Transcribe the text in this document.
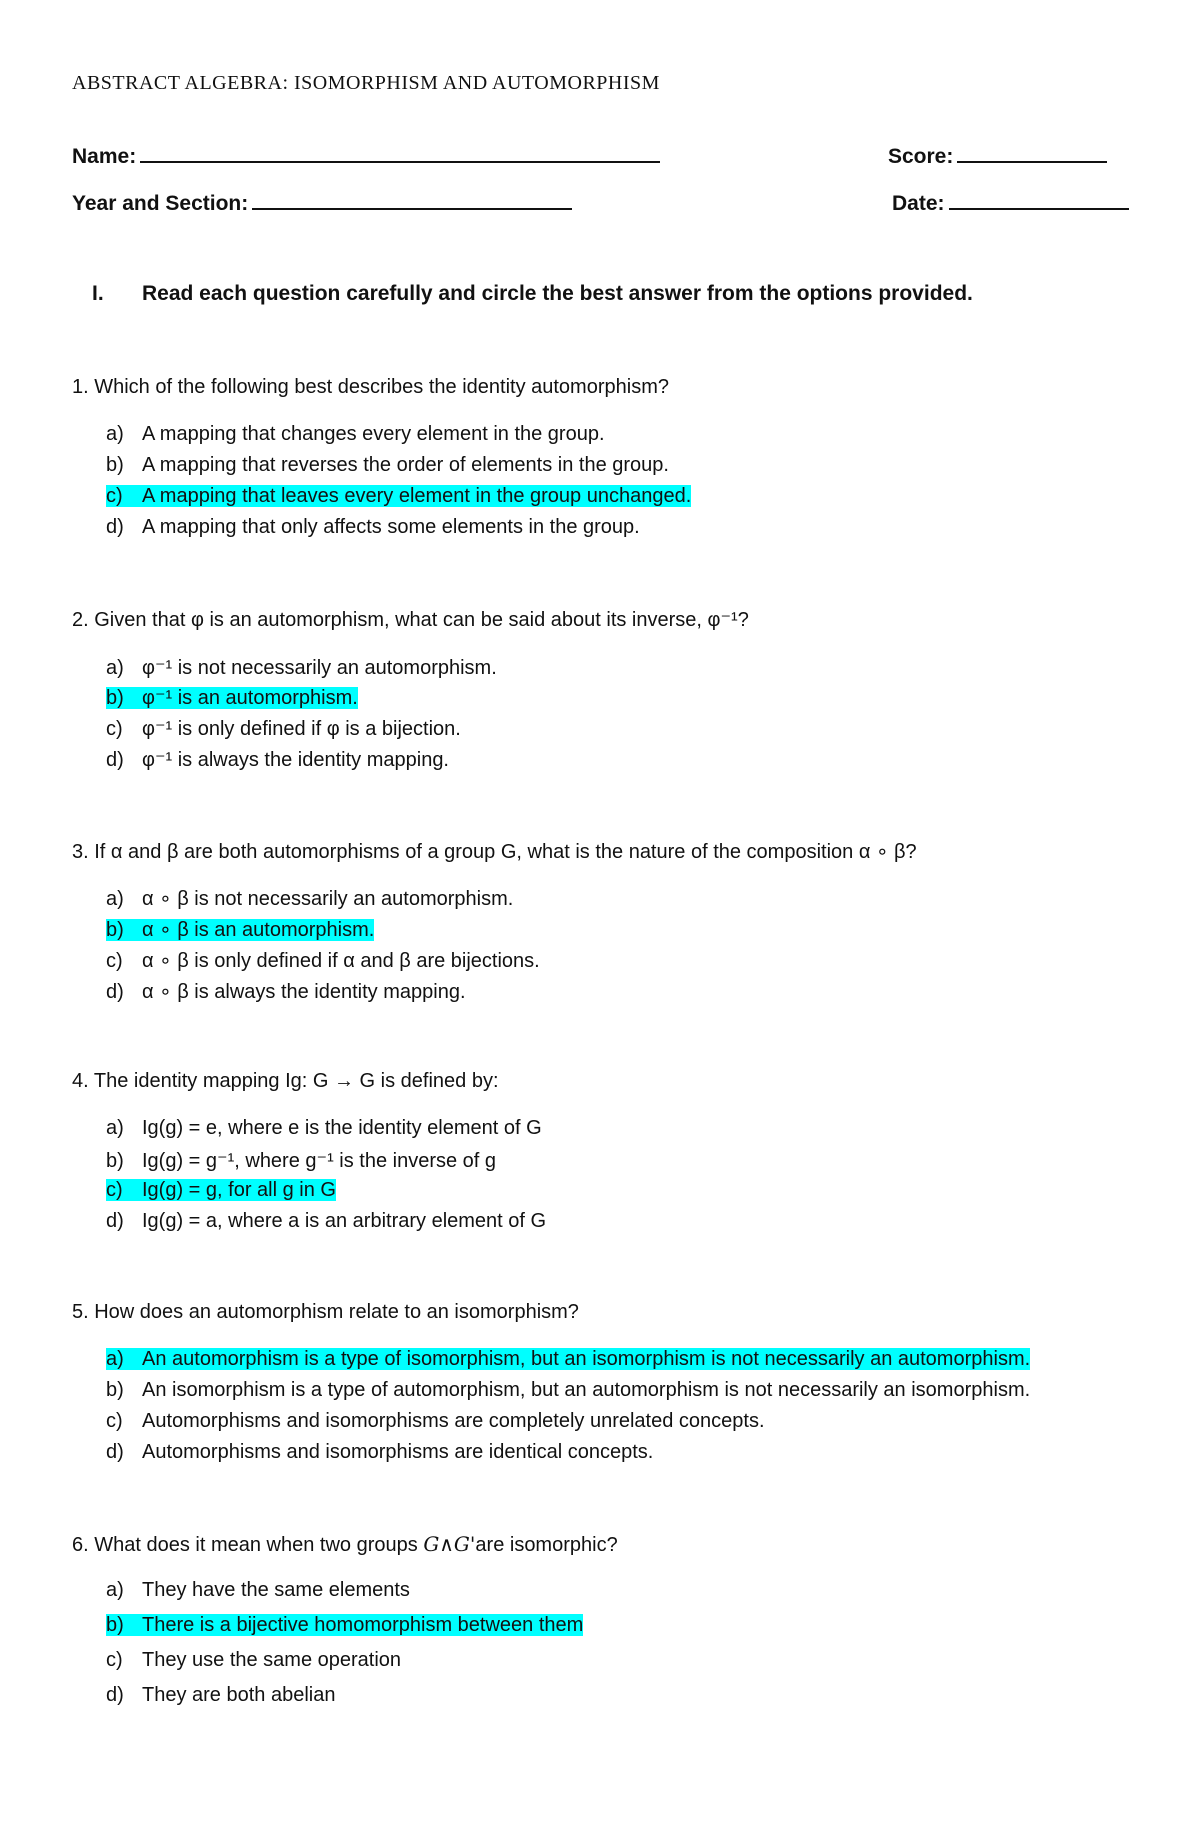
ABSTRACT ALGEBRA: ISOMORPHISM AND AUTOMORPHISM
Name:	Score:
Year and Section:	Date:
I. Read each question carefully and circle the best answer from the options provided.
1. Which of the following best describes the identity automorphism?
a) A mapping that changes every element in the group.
b) A mapping that reverses the order of elements in the group.
c) A mapping that leaves every element in the group unchanged.
d) A mapping that only affects some elements in the group.
2. Given that φ is an automorphism, what can be said about its inverse, φ⁻¹?
a) φ⁻¹ is not necessarily an automorphism.
b) φ⁻¹ is an automorphism.
c) φ⁻¹ is only defined if φ is a bijection.
d) φ⁻¹ is always the identity mapping.
3. If α and β are both automorphisms of a group G, what is the nature of the composition α ∘ β?
a) α ∘ β is not necessarily an automorphism.
b) α ∘ β is an automorphism.
c) α ∘ β is only defined if α and β are bijections.
d) α ∘ β is always the identity mapping.
4. The identity mapping Ig: G → G is defined by:
a) Ig(g) = e, where e is the identity element of G
b) Ig(g) = g⁻¹, where g⁻¹ is the inverse of g
c) Ig(g) = g, for all g in G
d) Ig(g) = a, where a is an arbitrary element of G
5. How does an automorphism relate to an isomorphism?
a) An automorphism is a type of isomorphism, but an isomorphism is not necessarily an automorphism.
b) An isomorphism is a type of automorphism, but an automorphism is not necessarily an isomorphism.
c) Automorphisms and isomorphisms are completely unrelated concepts.
d) Automorphisms and isomorphisms are identical concepts.
6. What does it mean when two groups G∧G'are isomorphic?
a) They have the same elements
b) There is a bijective homomorphism between them
c) They use the same operation
d) They are both abelian
